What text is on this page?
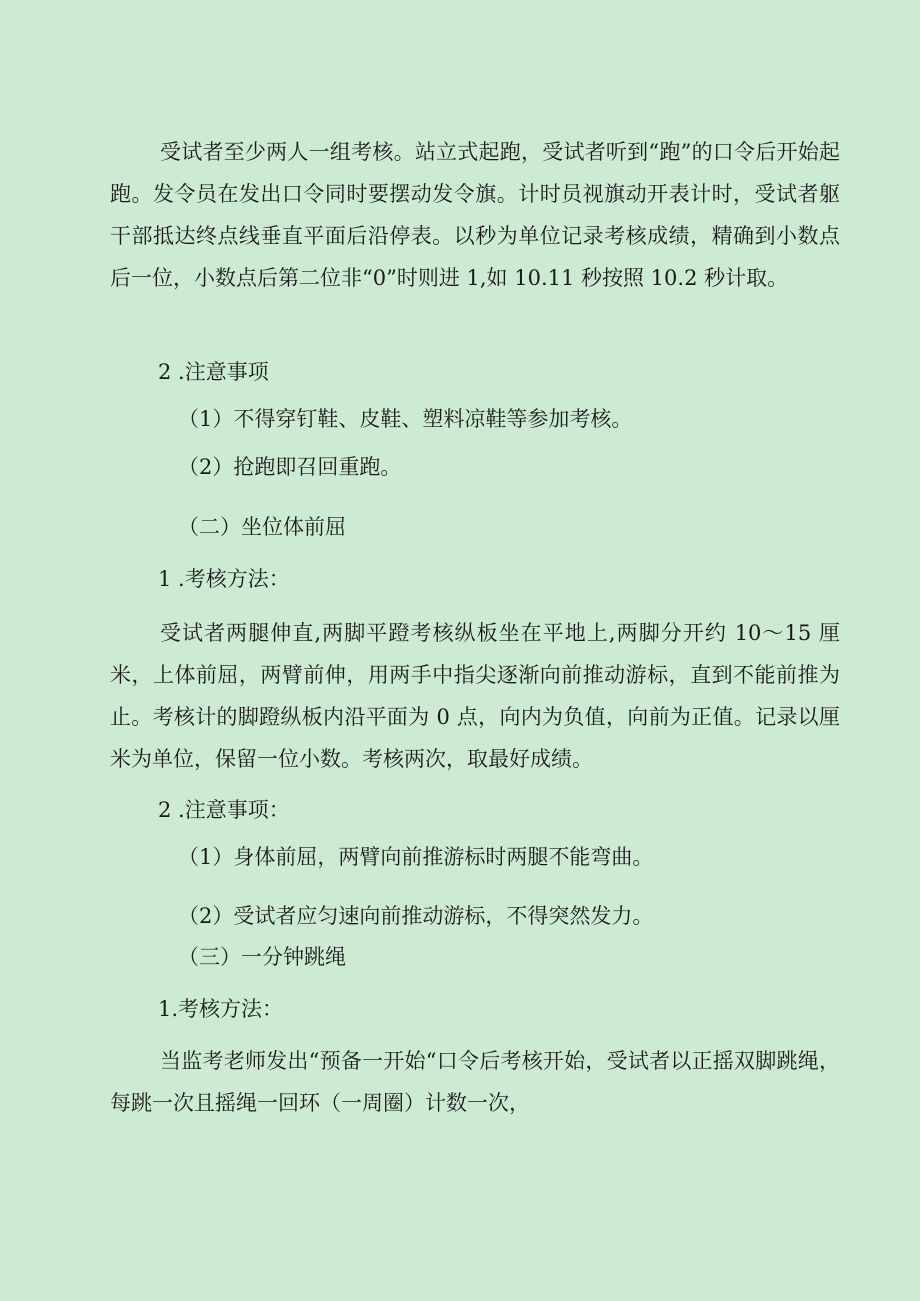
受试者至少两人一组考核。站立式起跑，受试者听到“跑”的口令后开始起跑。发令员在发出口令同时要摆动发令旗。计时员视旗动开表计时，受试者躯干部抵达终点线垂直平面后沿停表。以秒为单位记录考核成绩，精确到小数点后一位，小数点后第二位非“0”时则进 1,如 10.11 秒按照 10.2 秒计取。

2 .注意事项
（1）不得穿钉鞋、皮鞋、塑料凉鞋等参加考核。
（2）抢跑即召回重跑。
（二）坐位体前屈
1 .考核方法：

受试者两腿伸直,两脚平蹬考核纵板坐在平地上,两脚分开约 10～15 厘米，上体前屈，两臂前伸，用两手中指尖逐渐向前推动游标，直到不能前推为止。考核计的脚蹬纵板内沿平面为 0 点，向内为负值，向前为正值。记录以厘米为单位，保留一位小数。考核两次，取最好成绩。

2 .注意事项：
（1）身体前屈，两臂向前推游标时两腿不能弯曲。
（2）受试者应匀速向前推动游标，不得突然发力。
（三）一分钟跳绳
1.考核方法：

当监考老师发出“预备一开始“口令后考核开始，受试者以正摇双脚跳绳，每跳一次且摇绳一回环（一周圈）计数一次，
